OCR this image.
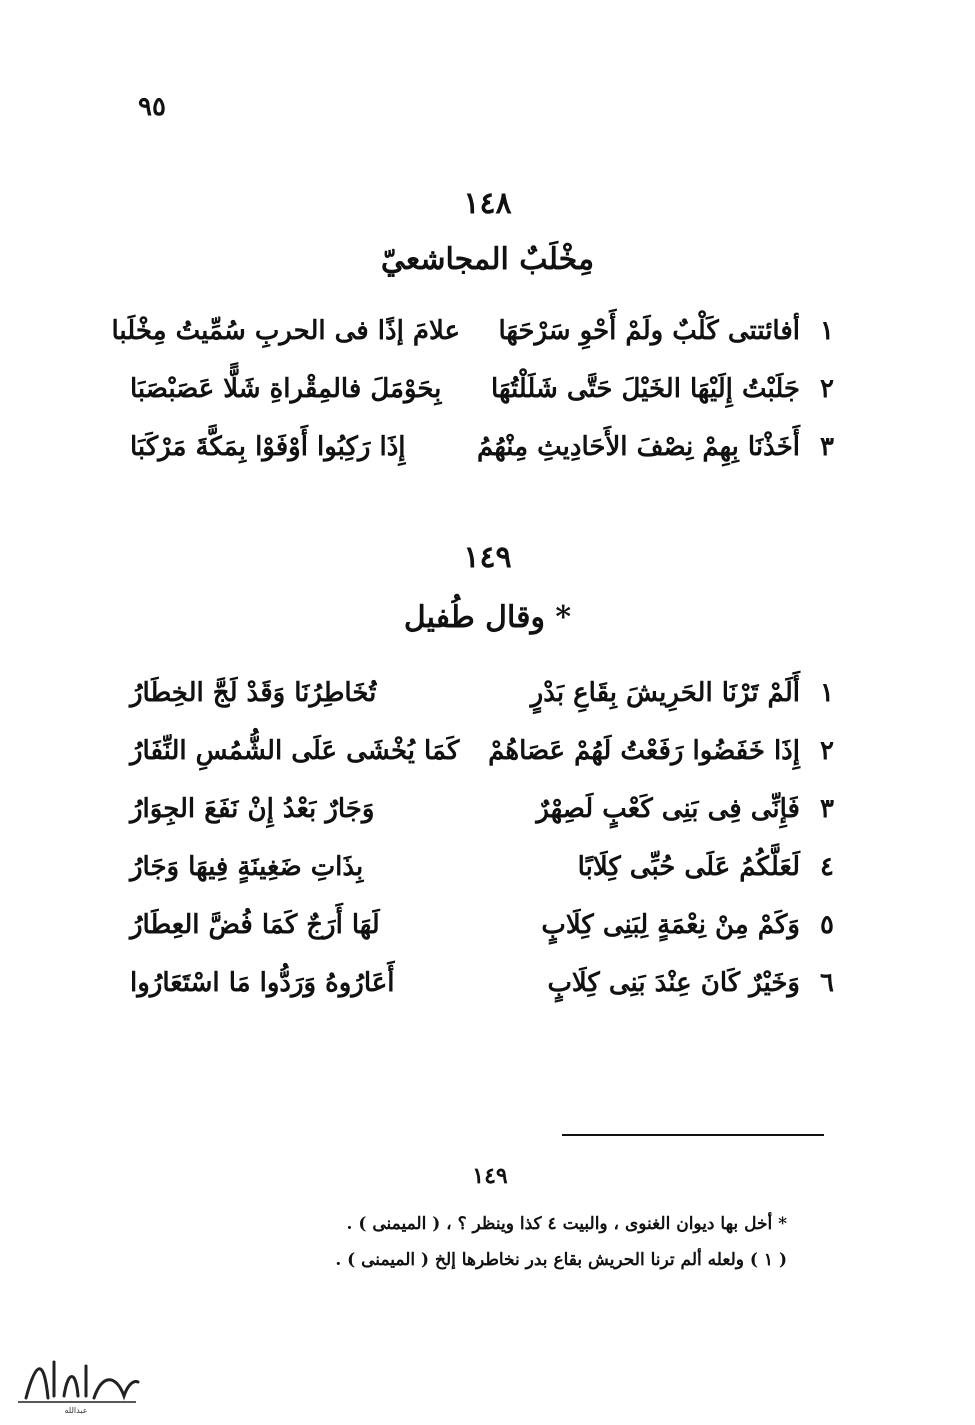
٩٥
١٤٨
مِخْلَبٌ المجاشعيّ
١
أفائتتى كَلْبٌ ولَمْ أَحْوِ سَرْحَهَا
علامَ إذًا فى الحربِ سُمِّيتُ مِخْلَبا
٢
جَلَبْتُ إِلَيْهَا الخَيْلَ حَتَّى شَلَلْتُهَا
بِحَوْمَلَ فالمِقْراةِ شَلًّا عَصَبْصَبَا
٣
أَخَذْنَا بِهِمْ نِصْفَ الأَحَادِيثِ مِنْهُمُ
إِذَا رَكِبُوا أَوْفَوْا بِمَكَّةَ مَرْكَبَا
١٤٩
وقال طُفيل *
١
أَلَمْ تَرْنَا الحَرِيشَ بِقَاعِ بَدْرٍ
تُخَاطِرُنَا وَقَدْ لَجَّ الخِطَارُ
٢
إِذَا خَفَضُوا رَفَعْتُ لَهُمْ عَصَاهُمْ
كَمَا يُخْشَى عَلَى الشُّمُسِ النِّفَارُ
٣
فَإِنِّى فِى بَنِى كَعْبٍ لَصِهْرٌ
وَجَارٌ بَعْدُ إِنْ نَفَعَ الجِوَارُ
٤
لَعَلَّكُمُ عَلَى حُبِّى كِلَابًا
بِذَاتِ ضَغِينَةٍ فِيهَا وَجَارُ
٥
وَكَمْ مِنْ نِعْمَةٍ لِبَنِى كِلَابٍ
لَهَا أَرَجٌ كَمَا فُضَّ العِطَارُ
٦
وَخَيْرٌ كَانَ عِنْدَ بَنِى كِلَابٍ
أَعَارُوهُ وَرَدُّوا مَا اسْتَعَارُوا
١٤٩
* أخل بها ديوان الغنوى ، والبيت ٤ كذا وينظر ؟ ، ( الميمنى ) .
( ١ ) ولعله ألم ترنا الحريش بقاع بدر نخاطرها إلخ ( الميمنى ) .
عبدالله
